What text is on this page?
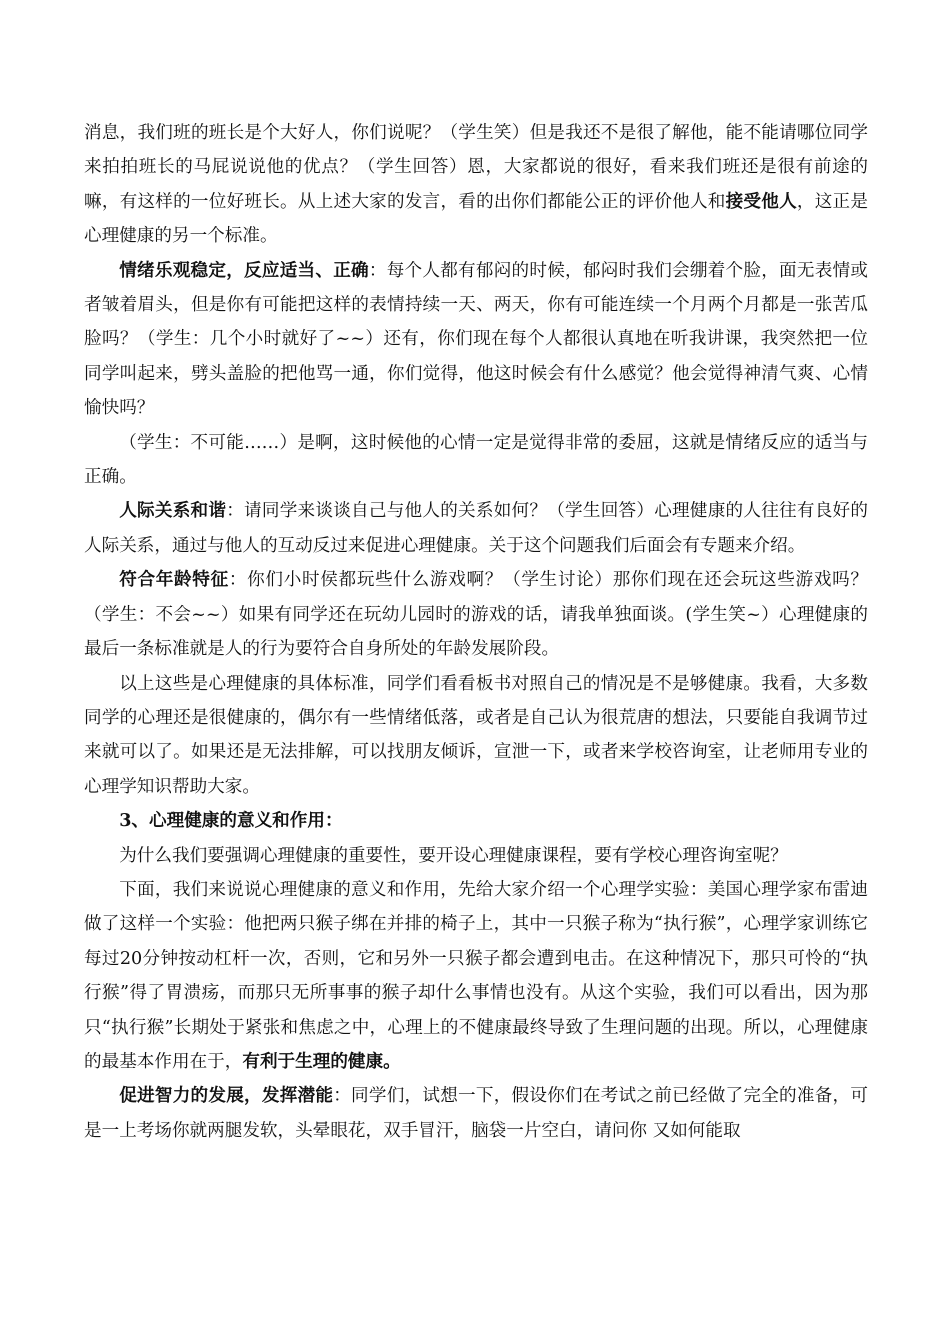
消息，我们班的班长是个大好人，你们说呢？（学生笑）但是我还不是很了解他，能不能请哪位同学来拍拍班长的马屁说说他的优点？（学生回答）恩，大家都说的很好，看来我们班还是很有前途的嘛，有这样的一位好班长。从上述大家的发言，看的出你们都能公正的评价他人和接受他人，这正是心理健康的另一个标准。

情绪乐观稳定，反应适当、正确：每个人都有郁闷的时候，郁闷时我们会绷着个脸，面无表情或者皱着眉头，但是你有可能把这样的表情持续一天、两天，你有可能连续一个月两个月都是一张苦瓜脸吗？（学生：几个小时就好了~~）还有，你们现在每个人都很认真地在听我讲课，我突然把一位同学叫起来，劈头盖脸的把他骂一通，你们觉得，他这时候会有什么感觉？他会觉得神清气爽、心情愉快吗？

（学生：不可能……）是啊，这时候他的心情一定是觉得非常的委屈，这就是情绪反应的适当与正确。

人际关系和谐：请同学来谈谈自己与他人的关系如何？（学生回答）心理健康的人往往有良好的人际关系，通过与他人的互动反过来促进心理健康。关于这个问题我们后面会有专题来介绍。

符合年龄特征：你们小时侯都玩些什么游戏啊？（学生讨论）那你们现在还会玩这些游戏吗？（学生：不会~~）如果有同学还在玩幼儿园时的游戏的话，请我单独面谈。(学生笑~）心理健康的最后一条标准就是人的行为要符合自身所处的年龄发展阶段。

以上这些是心理健康的具体标准，同学们看看板书对照自己的情况是不是够健康。我看，大多数同学的心理还是很健康的，偶尔有一些情绪低落，或者是自己认为很荒唐的想法，只要能自我调节过来就可以了。如果还是无法排解，可以找朋友倾诉，宣泄一下，或者来学校咨询室，让老师用专业的心理学知识帮助大家。

3、心理健康的意义和作用：

为什么我们要强调心理健康的重要性，要开设心理健康课程，要有学校心理咨询室呢？

下面，我们来说说心理健康的意义和作用，先给大家介绍一个心理学实验：美国心理学家布雷迪做了这样一个实验：他把两只猴子绑在并排的椅子上，其中一只猴子称为“执行猴”，心理学家训练它每过20分钟按动杠杆一次，否则，它和另外一只猴子都会遭到电击。在这种情况下，那只可怜的“执行猴”得了胃溃疡，而那只无所事事的猴子却什么事情也没有。从这个实验，我们可以看出，因为那只“执行猴”长期处于紧张和焦虑之中，心理上的不健康最终导致了生理问题的出现。所以，心理健康的最基本作用在于，有利于生理的健康。

促进智力的发展，发挥潜能：同学们，试想一下，假设你们在考试之前已经做了完全的准备，可是一上考场你就两腿发软，头晕眼花，双手冒汗，脑袋一片空白，请问你 又如何能取
